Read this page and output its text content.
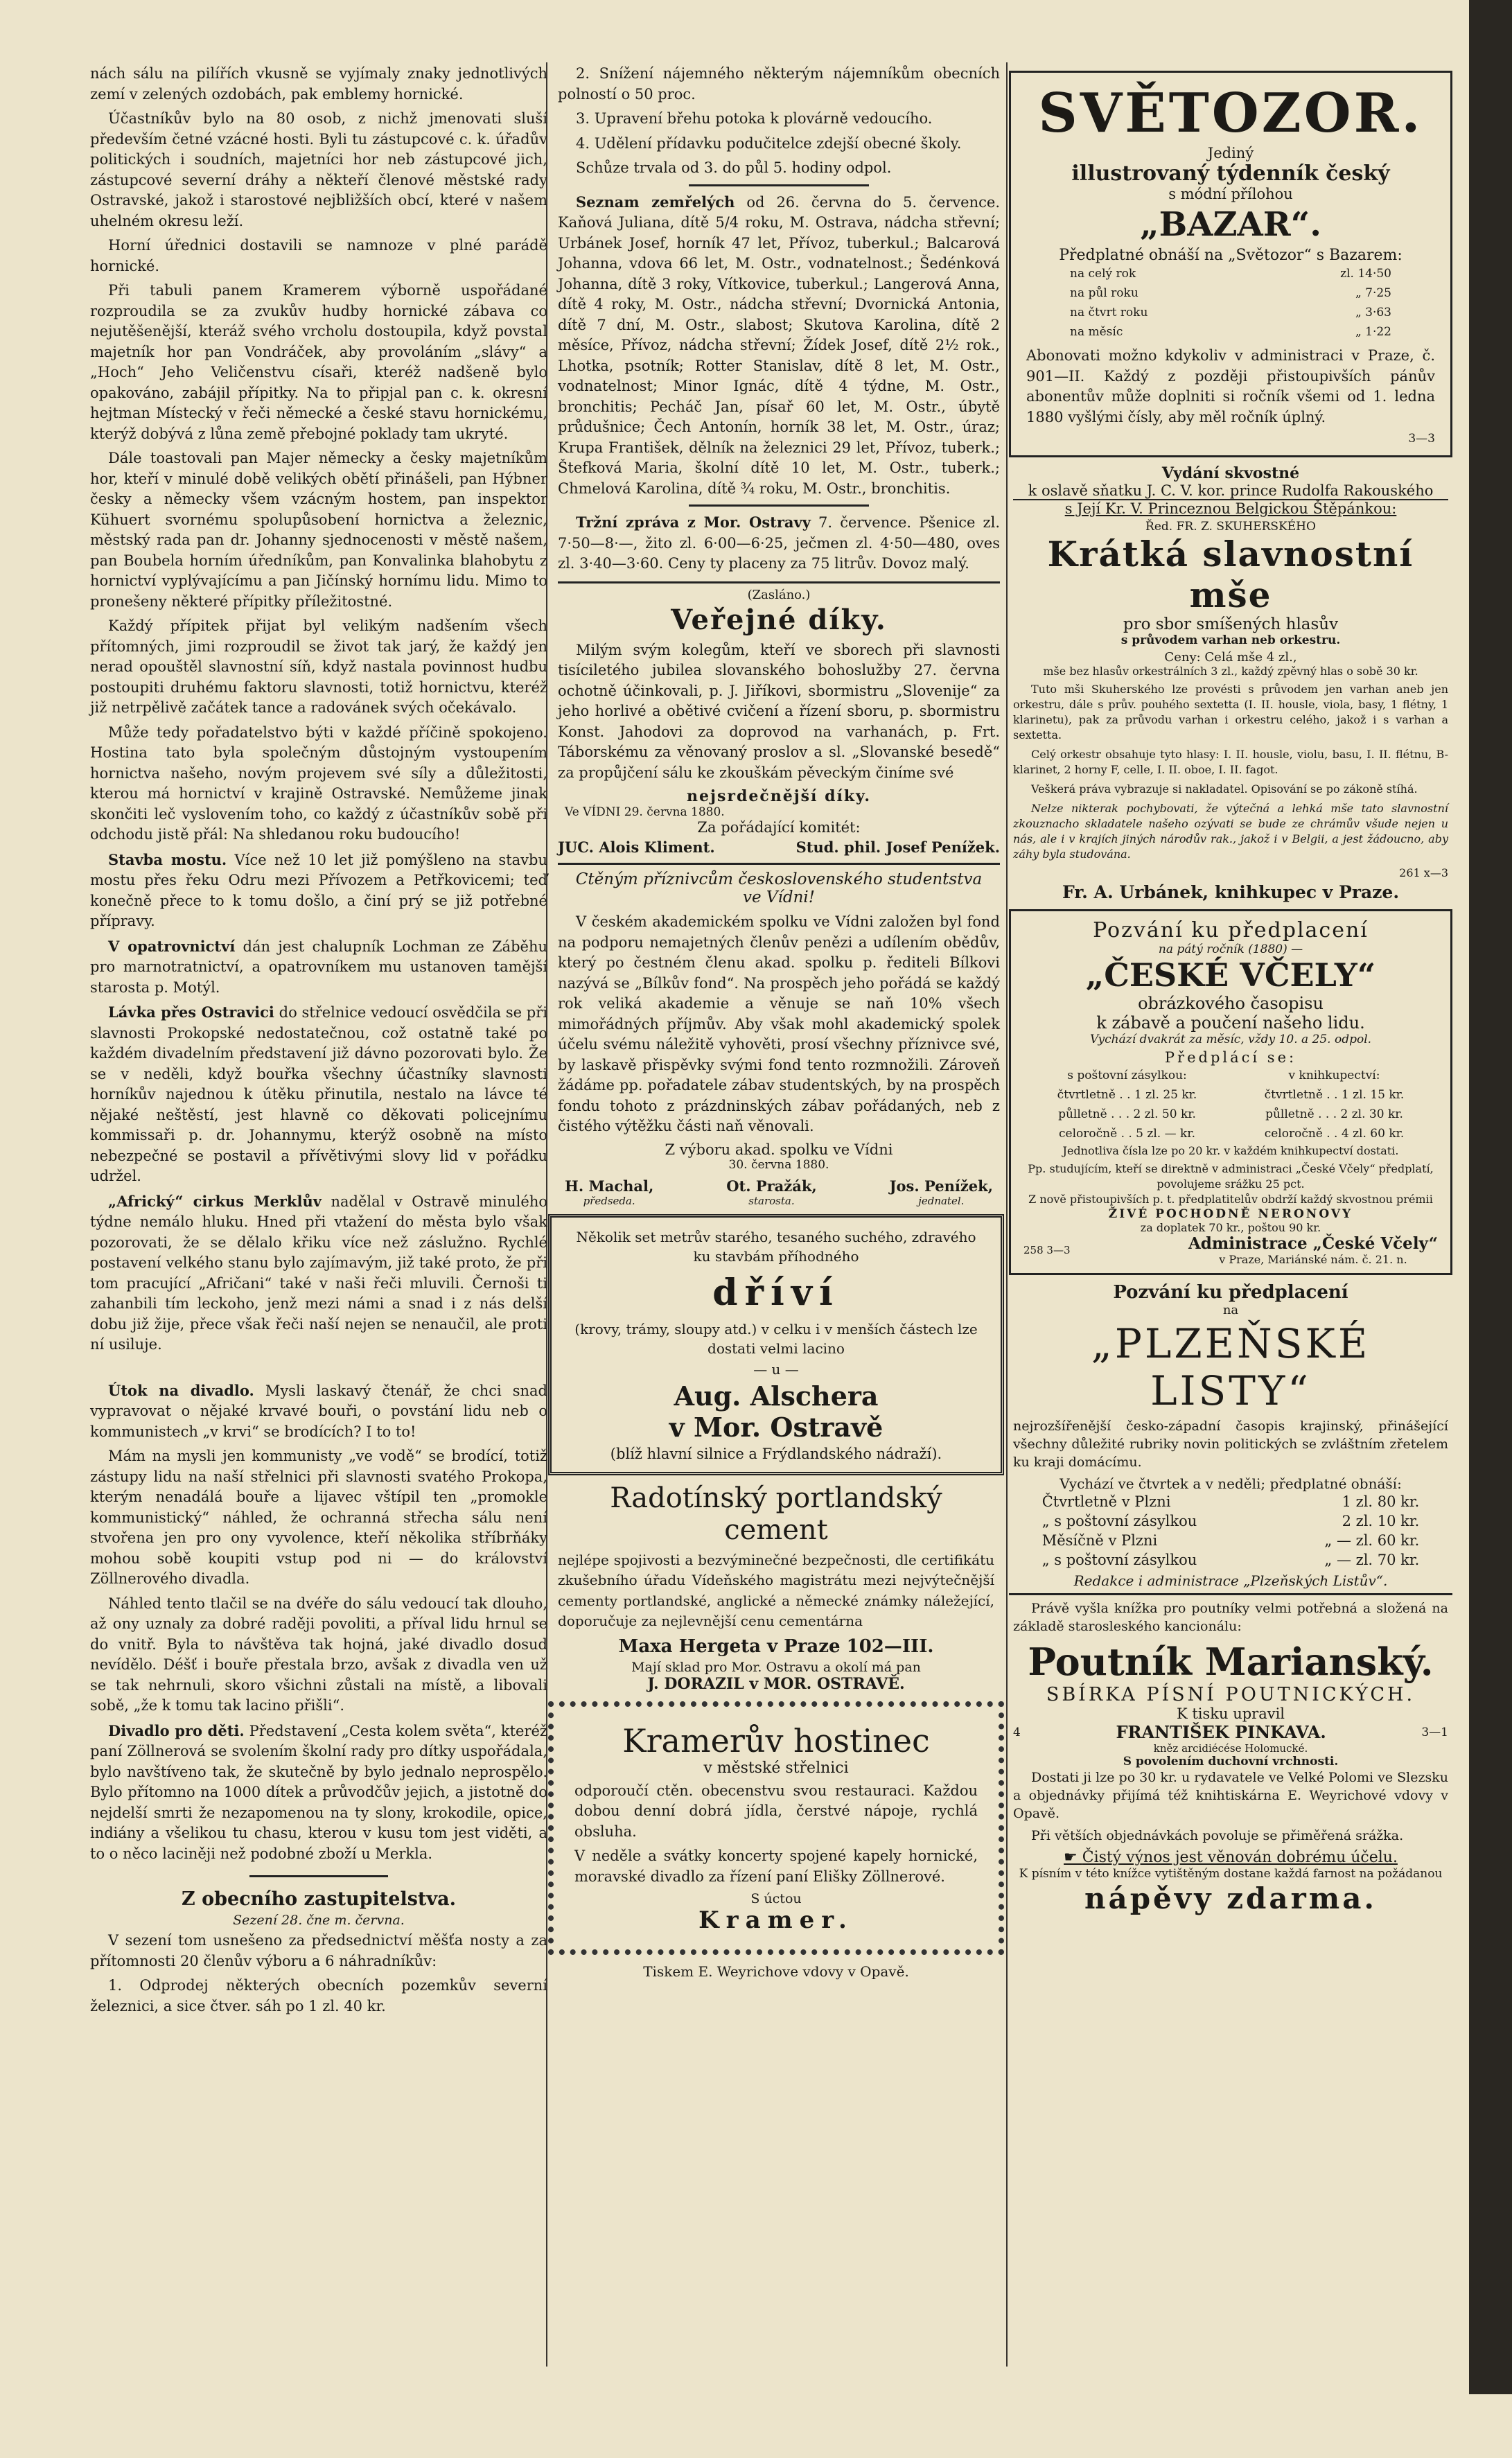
nách sálu na pilířích vkusně se vyjímaly znaky jednotlivých zemí v zelených ozdobách, pak emblemy hornické.

Účastníkův bylo na 80 osob, z nichž jmenovati sluší především četné vzácné hosti. Byli tu zástupcové c. k. úřadův politických i soudních, majetníci hor neb zástupcové jich, zástupcové severní dráhy a někteří členové městské rady Ostravské, jakož i starostové nejbližších obcí, které v našem uhelném okresu leží.

Horní úřednici dostavili se namnoze v plné parádě hornické.

Při tabuli panem Kramerem výborně uspořádané rozproudila se za zvukův hudby hornické zábava co nejutěšenější, kteráž svého vrcholu dostoupila, když povstal majetník hor pan Vondráček, aby provoláním „slávy“ a „Hoch“ Jeho Veličenstvu císaři, kteréž nadšeně bylo opakováno, zabájil přípitky. Na to připjal pan c. k. okresní hejtman Místecký v řeči německé a české stavu hornickému, kterýž dobývá z lůna země přebojné poklady tam ukryté.

Dále toastovali pan Majer německy a česky majetníkům hor, kteří v minulé době velikých obětí přinášeli, pan Hýbner česky a německy všem vzácným hostem, pan inspektor Kühuert svornému spolupůsobení hornictva a železnic, městský rada pan dr. Johanny sjednocenosti v městě našem, pan Boubela horním úředníkům, pan Konvalinka blahobytu z hornictví vyplývajícímu a pan Jičínský hornímu lidu. Mimo to pronešeny některé přípitky příležitostné.

Každý přípitek přijat byl velikým nadšením všech přítomných, jimi rozproudil se život tak jarý, že každý jen nerad opouštěl slavnostní síň, když nastala povinnost hudbu postoupiti druhému faktoru slavnosti, totiž hornictvu, kteréž již netrpělivě začátek tance a radovánek svých očekávalo.

Může tedy pořadatelstvo býti v každé příčině spokojeno. Hostina tato byla společným důstojným vystoupením hornictva našeho, novým projevem své síly a důležitosti, kterou má hornictví v krajině Ostravské. Nemůžeme jinak skončiti leč vyslovením toho, co každý z účastníkův sobě při odchodu jistě přál: Na shledanou roku budoucího!

Stavba mostu. Více než 10 let již pomýšleno na stavbu mostu přes řeku Odru mezi Přívozem a Petřkovicemi; teď konečně přece to k tomu došlo, a činí prý se již potřebné přípravy.

V opatrovnictví dán jest chalupník Lochman ze Záběhu pro marnotratnictví, a opatrovníkem mu ustanoven tamější starosta p. Motýl.

Lávka přes Ostravici do střelnice vedoucí osvědčila se při slavnosti Prokopské nedostatečnou, což ostatně také po každém divadelním představení již dávno pozorovati bylo. Že se v neděli, když bouřka všechny účastníky slavnosti horníkův najednou k útěku přinutila, nestalo na lávce té nějaké neštěstí, jest hlavně co děkovati policejnímu kommissaři p. dr. Johannymu, kterýž osobně na místo nebezpečné se postavil a přívětivými slovy lid v pořádku udržel.

„Africký“ cirkus Merklův nadělal v Ostravě minulého týdne nemálo hluku. Hned při vtažení do města bylo však pozorovati, že se dělalo křiku více než záslužno. Rychlé postavení velkého stanu bylo zajímavým, již také proto, že při tom pracující „Afričani“ také v naši řeči mluvili. Černoši ti zahanbili tím leckoho, jenž mezi námi a snad i z nás delší dobu již žije, přece však řeči naší nejen se nenaučil, ale proti ní usiluje.

Útok na divadlo. Mysli laskavý čtenář, že chci snad vypravovat o nějaké krvavé bouři, o povstání lidu neb o kommunistech „v krvi“ se brodících? I to to!

Mám na mysli jen kommunisty „ve vodě“ se brodící, totiž zástupy lidu na naší střelnici při slavnosti svatého Prokopa, kterým nenadálá bouře a lijavec vštípil ten „promokle kommunistický“ náhled, že ochranná střecha sálu není stvořena jen pro ony vyvolence, kteří několika stříbrňáky mohou sobě koupiti vstup pod ni — do království Zöllnerového divadla.

Náhled tento tlačil se na dvéře do sálu vedoucí tak dlouho, až ony uznaly za dobré raději povoliti, a příval lidu hrnul se do vnitř. Byla to návštěva tak hojná, jaké divadlo dosud nevídělo. Déšť i bouře přestala brzo, avšak z divadla ven už se tak nehrnuli, skoro všichni zůstali na místě, a libovali sobě, „že k tomu tak lacino přišli“.

Divadlo pro děti. Představení „Cesta kolem světa“, kteréž paní Zöllnerová se svolením školní rady pro dítky uspořádala, bylo navštíveno tak, že skutečně by bylo jednalo neprospělo. Bylo přítomno na 1000 dítek a průvodčův jejich, a jistotně do nejdelší smrti že nezapomenou na ty slony, krokodile, opice, indiány a všelikou tu chasu, kterou v kusu tom jest viděti, a to o něco laciněji než podobné zboží u Merkla.

Z obecního zastupitelstva.
Sezení 28. čne m. června.

V sezení tom usnešeno za předsednictví měšťa nosty a za přítomnosti 20 členův výboru a 6 náhradníkův:

1. Odprodej některých obecních pozemkův severní železnici, a sice čtver. sáh po 1 zl. 40 kr.

2. Snížení nájemného některým nájemníkům obecních polností o 50 proc.

3. Upravení břehu potoka k plovárně vedoucího.

4. Udělení přídavku podučitelce zdejší obecné školy.

Schůze trvala od 3. do půl 5. hodiny odpol.

Seznam zemřelých od 26. června do 5. července. Kaňová Juliana, dítě 5/4 roku, M. Ostrava, nádcha střevní; Urbánek Josef, horník 47 let, Přívoz, tuberkul.; Balcarová Johanna, vdova 66 let, M. Ostr., vodnatelnost.; Šedénková Johanna, dítě 3 roky, Vítkovice, tuberkul.; Langerová Anna, dítě 4 roky, M. Ostr., nádcha střevní; Dvornická Antonia, dítě 7 dní, M. Ostr., slabost; Skutova Karolina, dítě 2 měsíce, Přívoz, nádcha střevní; Žídek Josef, dítě 2½ rok., Lhotka, psotník; Rotter Stanislav, dítě 8 let, M. Ostr., vodnatelnost; Minor Ignác, dítě 4 týdne, M. Ostr., bronchitis; Pecháč Jan, písař 60 let, M. Ostr., úbytě průdušnice; Čech Antonín, horník 38 let, M. Ostr., úraz; Krupa František, dělník na železnici 29 let, Přívoz, tuberk.; Štefková Maria, školní dítě 10 let, M. Ostr., tuberk.; Chmelová Karolina, dítě ¾ roku, M. Ostr., bronchitis.

Tržní zpráva z Mor. Ostravy 7. července. Pšenice zl. 7·50—8·—, žito zl. 6·00—6·25, ječmen zl. 4·50—480, oves zl. 3·40—3·60. Ceny ty placeny za 75 litrův. Dovoz malý.

(Zasláno.)
Veřejné díky.

Milým svým kolegům, kteří ve sborech při slavnosti tisíciletého jubilea slovanského bohoslužby 27. června ochotně účinkovali, p. J. Jiříkovi, sbormistru „Slovenije“ za jeho horlivé a obětivé cvičení a řízení sboru, p. sbormistru Konst. Jahodovi za doprovod na varhanách, p. Frt. Táborskému za věnovaný proslov a sl. „Slovanské besedě“ za propůjčení sálu ke zkouškám pěveckým činíme své

nejsrdečnější díky.
Ve VÍDNI 29. června 1880.
Za pořádající komitét:
JUC. Alois Kliment.	Stud. phil. Josef Penížek.
Ctěným příznivcům československého studentstva ve Vídni!

V českém akademickém spolku ve Vídni založen byl fond na podporu nemajetných členův penězi a udílením obědův, který po čestném členu akad. spolku p. řediteli Bílkovi nazývá se „Bílkův fond“. Na prospěch jeho pořádá se každý rok veliká akademie a věnuje se naň 10% všech mimořádných příjmův. Aby však mohl akademický spolek účelu svému náležitě vyhověti, prosí všechny příznivce své, by laskavě přispěvky svými fond tento rozmnožili. Zároveň žádáme pp. pořadatele zábav studentských, by na prospěch fondu tohoto z prázdninských zábav pořádaných, neb z čistého výtěžku části naň věnovali.

Z výboru akad. spolku ve Vídni
30. června 1880.
H. Machal,
předseda.
Ot. Pražák,
starosta.
Jos. Penížek,
jednatel.
Několik set metrův starého, tesaného suchého, zdravého ku stavbám příhodného
dříví
(krovy, trámy, sloupy atd.) v celku i v menších částech lze dostati velmi lacino
— u —
Aug. Alschera
v Mor. Ostravě
(blíž hlavní silnice a Frýdlandského nádraží).
Radotínský portlandský cement

nejlépe spojivosti a bezvýminečné bezpečnosti, dle certifikátu zkušebního úřadu Vídeňského magistrátu mezi nejvýtečnější cementy portlandské, anglické a německé známky náležející, doporučuje za nejlevnější cenu cementárna

Maxa Hergeta v Praze 102—III.
Mají sklad pro Mor. Ostravu a okolí má pan
J. DORAZIL v MOR. OSTRAVĚ.
Kramerův hostinec
v městské střelnici

odporoučí ctěn. obecenstvu svou restauraci. Každou dobou denní dobrá jídla, čerstvé nápoje, rychlá obsluha.

V neděle a svátky koncerty spojené kapely hornické, moravské divadlo za řízení paní Elišky Zöllnerové.

S úctou
Kramer.
Tiskem E. Weyrichove vdovy v Opavě.
SVĚTOZOR.
Jediný
illustrovaný týdenník český
s módní přílohou
„BAZAR“.
Předplatné obnáší na „Světozor“ s Bazarem:
na celý rok	zl. 14·50
na půl roku	„ 7·25
na čtvrt roku	„ 3·63
na měsíc	„ 1·22

Abonovati možno kdykoliv v administraci v Praze, č. 901—II. Každý z později přistoupivších pánův abonentův může doplniti si ročník všemi od 1. ledna 1880 vyšlými čísly, aby měl ročník úplný.

3—3
Vydání skvostné
k oslavě sňatku J. C. V. kor. prince Rudolfa Rakouského
s Její Kr. V. Princeznou Belgickou Štěpánkou:
Řed. FR. Z. SKUHERSKÉHO
Krátká slavnostní mše
pro sbor smíšených hlasův
s průvodem varhan neb orkestru.
Ceny: Celá mše 4 zl.,
mše bez hlasův orkestrálních 3 zl., každý zpěvný hlas o sobě 30 kr.

Tuto mši Skuherského lze provésti s průvodem jen varhan aneb jen orkestru, dále s prův. pouhého sextetta (I. II. housle, viola, basy, 1 flétny, 1 klarinetu), pak za průvodu varhan i orkestru celého, jakož i s varhan a sextetta.

Celý orkestr obsahuje tyto hlasy: I. II. housle, violu, basu, I. II. flétnu, B-klarinet, 2 horny F, celle, I. II. oboe, I. II. fagot.

Veškerá práva vybrazuje si nakladatel. Opisování se po zákoně stíhá.

Nelze nikterak pochybovati, že výtečná a lehká mše tato slavnostní zkouznacho skladatele našeho ozývati se bude ze chrámův všude nejen u nás, ale i v krajích jiných národův rak., jakož i v Belgii, a jest žádoucno, aby záhy byla studována.

261 x—3
Fr. A. Urbánek, knihkupec v Praze.
Pozvání ku předplacení
na pátý ročník (1880) —
„ČESKÉ VČELY“
obrázkového časopisu
k zábavě a poučení našeho lidu.
Vychází dvakrát za měsíc, vždy 10. a 25. odpol.
Předplácí se:
s poštovní zásylkou:	v knihkupectví:
čtvrtletně . . 1 zl. 25 kr.	čtvrtletně . . 1 zl. 15 kr.
půlletně . . . 2 zl. 50 kr.	půlletně . . . 2 zl. 30 kr.
celoročně . . 5 zl. — kr.	celoročně . . 4 zl. 60 kr.
Jednotliva čísla lze po 20 kr. v každém knihkupectví dostati.
Pp. studujícím, kteří se direktně v administraci „České Včely“ předplatí, povolujeme srážku 25 pct.
Z nově přistoupivších p. t. předplatitelův obdrží každý skvostnou prémii
ŽIVÉ POCHODNĚ NERONOVY
za doplatek 70 kr., poštou 90 kr.
258 3—3	Administrace „České Včely“
v Praze, Mariánské nám. č. 21. n.
Pozvání ku předplacení
na
„PLZEŇSKÉ LISTY“

nejrozšířenější česko-západní časopis krajinský, přinášející všechny důležité rubriky novin politických se zvláštním zřetelem ku kraji domácímu.

Vychází ve čtvrtek a v neděli; předplatné obnáší:
Čtvrtletně v Plzni	1 zl. 80 kr.
„ s poštovní zásylkou	2 zl. 10 kr.
Měsíčně v Plzni	„ — zl. 60 kr.
„ s poštovní zásylkou	„ — zl. 70 kr.
Redakce i administrace „Plzeňských Listův“.

Právě vyšla knížka pro poutníky velmi potřebná a složená na základě starosleského kancionálu:

Poutník Marianský.
SBÍRKA PÍSNÍ POUTNICKÝCH.
K tisku upravil
4	FRANTIŠEK PINKAVA.	3—1
kněz arcidiécése Holomucké.
S povolením duchovní vrchnosti.

Dostati ji lze po 30 kr. u rydavatele ve Velké Polomi ve Slezsku a objednávky přijímá též knihtiskárna E. Weyrichové vdovy v Opavě.

Při větších objednávkách povoluje se přiměřená srážka.

☛ Čistý výnos jest věnován dobrému účelu.
K písním v této knížce vytištěným dostane každá farnost na požádanou
nápěvy zdarma.
